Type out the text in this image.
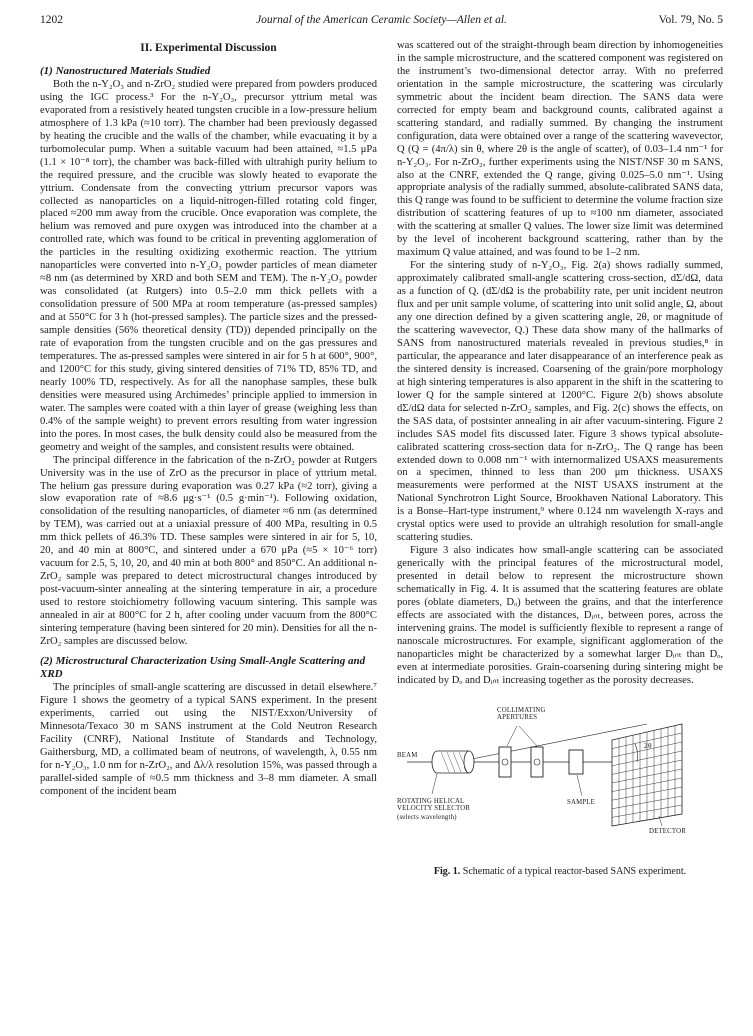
1202	Journal of the American Ceramic Society—Allen et al.	Vol. 79, No. 5
II. Experimental Discussion
(1) Nanostructured Materials Studied

Both the n-Y₂O₃ and n-ZrO₂ studied were prepared from powders produced using the IGC process.³ For the n-Y₂O₃, precursor yttrium metal was evaporated from a resistively heated tungsten crucible in a low-pressure helium atmosphere of 1.3 kPa (≈10 torr). The chamber had been previously degassed by heating the crucible and the walls of the chamber, while evacuating it by a turbomolecular pump. When a suitable vacuum had been attained, ≈1.5 μPa (1.1 × 10⁻⁸ torr), the chamber was back-filled with ultrahigh purity helium to the required pressure, and the crucible was slowly heated to evaporate the yttrium. Condensate from the convecting yttrium precursor vapors was collected as nanoparticles on a liquid-nitrogen-filled rotating cold finger, placed ≈200 mm away from the crucible. Once evaporation was complete, the helium was removed and pure oxygen was introduced into the chamber at a controlled rate, which was found to be critical in preventing agglomeration of the particles in the resulting oxidizing exothermic reaction. The yttrium nanoparticles were converted into n-Y₂O₃ powder particles of mean diameter ≈8 nm (as determined by XRD and both SEM and TEM). The n-Y₂O₃ powder was consolidated (at Rutgers) into 0.5–2.0 mm thick pellets with a consolidation pressure of 500 MPa at room temperature (as-pressed samples) and at 550°C for 3 h (hot-pressed samples). The particle sizes and the pressed-sample densities (56% theoretical density (TD)) depended principally on the rate of evaporation from the tungsten crucible and on the gas pressures and temperatures. The as-pressed samples were sintered in air for 5 h at 600°, 900°, and 1200°C for this study, giving sintered densities of 71% TD, 85% TD, and nearly 100% TD, respectively. As for all the nanophase samples, these bulk densities were measured using Archimedes’ principle applied to immersion in water. The samples were coated with a thin layer of grease (weighing less than 0.4% of the sample weight) to prevent errors resulting from water ingression into the pores. In most cases, the bulk density could also be measured from the geometry and weight of the samples, and consistent results were obtained.

The principal difference in the fabrication of the n-ZrO₂ powder at Rutgers University was in the use of ZrO as the precursor in place of yttrium metal. The helium gas pressure during evaporation was 0.27 kPa (≈2 torr), giving a slow evaporation rate of ≈8.6 μg·s⁻¹ (0.5 g·min⁻¹). Following oxidation, consolidation of the resulting nanoparticles, of diameter ≈6 nm (as determined by TEM), was carried out at a uniaxial pressure of 400 MPa, resulting in 0.5 mm thick pellets of 46.3% TD. These samples were sintered in air for 5, 10, 20, and 40 min at 800°C, and sintered under a 670 μPa (≈5 × 10⁻⁶ torr) vacuum for 2.5, 5, 10, 20, and 40 min at both 800° and 850°C. An additional n-ZrO₂ sample was prepared to detect microstructural changes introduced by post-vacuum-sinter annealing at the sintering temperature in air, a procedure used to restore stoichiometry following vacuum sintering. This sample was annealed in air at 800°C for 2 h, after cooling under vacuum from the 800°C sintering temperature (having been sintered for 20 min). Densities for all the n-ZrO₂ samples are discussed below.

(2) Microstructural Characterization Using Small-Angle Scattering and XRD

The principles of small-angle scattering are discussed in detail elsewhere.⁷ Figure 1 shows the geometry of a typical SANS experiment. In the present experiments, carried out using the NIST/Exxon/University of Minnesota/Texaco 30 m SANS instrument at the Cold Neutron Research Facility (CNRF), National Institute of Standards and Technology, Gaithersburg, MD, a collimated beam of neutrons, of wavelength, λ, 0.55 nm for n-Y₂O₃, 1.0 nm for n-ZrO₂, and Δλ/λ resolution 15%, was passed through a parallel-sided sample of ≈0.5 mm thickness and 3–8 mm diameter. A small component of the incident beam

was scattered out of the straight-through beam direction by inhomogeneities in the sample microstructure, and the scattered component was registered on the instrument’s two-dimensional detector array. With no preferred orientation in the sample microstructure, the scattering was circularly symmetric about the incident beam direction. The SANS data were corrected for empty beam and background counts, calibrated against a scattering standard, and radially summed. By changing the instrument configuration, data were obtained over a range of the scattering wavevector, Q (Q = (4π/λ) sin θ, where 2θ is the angle of scatter), of 0.03–1.4 nm⁻¹ for n-Y₂O₃. For n-ZrO₂, further experiments using the NIST/NSF 30 m SANS, also at the CNRF, extended the Q range, giving 0.025–5.0 nm⁻¹. Using appropriate analysis of the radially summed, absolute-calibrated SANS data, this Q range was found to be sufficient to determine the volume fraction size distribution of scattering features of up to ≈100 nm diameter, associated with the scattering at smaller Q values. The lower size limit was determined by the level of incoherent background scattering, rather than by the maximum Q value attained, and was found to be 1–2 nm.

For the sintering study of n-Y₂O₃, Fig. 2(a) shows radially summed, approximately calibrated small-angle scattering cross-section, dΣ/dΩ, data as a function of Q. (dΣ/dΩ is the probability rate, per unit incident neutron flux and per unit sample volume, of scattering into unit solid angle, Ω, about any one direction defined by a given scattering angle, 2θ, or magnitude of the scattering wavevector, Q.) These data show many of the hallmarks of SANS from nanostructured materials revealed in previous studies,⁸ in particular, the appearance and later disappearance of an interference peak as the sintered density is increased. Coarsening of the grain/pore morphology at high sintering temperatures is also apparent in the shift in the scattering to lower Q for the sample sintered at 1200°C. Figure 2(b) shows absolute dΣ/dΩ data for selected n-ZrO₂ samples, and Fig. 2(c) shows the effects, on the SAS data, of postsinter annealing in air after vacuum-sintering. Figure 2 includes SAS model fits discussed later. Figure 3 shows typical absolute-calibrated scattering cross-section data for n-ZrO₂. The Q range has been extended down to 0.008 nm⁻¹ with internormalized USAXS measurements on a specimen, thinned to less than 200 μm thickness. USAXS measurements were performed at the NIST USAXS instrument at the National Synchrotron Light Source, Brookhaven National Laboratory. This is a Bonse–Hart-type instrument,⁹ where 0.124 nm wavelength X-rays and crystal optics were used to provide an ultrahigh resolution for small-angle scattering studies.

Figure 3 also indicates how small-angle scattering can be associated generically with the principal features of the microstructural model, presented in detail below to represent the microstructure shown schematically in Fig. 4. It is assumed that the scattering features are oblate pores (oblate diameters, Dₒ) between the grains, and that the interference effects are associated with the distances, Dᵢₙₜ, between pores, across the intervening grains. The model is sufficiently flexible to represent a range of nanoscale microstructures. For example, significant agglomeration of the nanoparticles might be characterized by a somewhat larger Dᵢₙₜ than Dₒ, even at intermediate porosities. Grain-coarsening during sintering might be indicated by Dₒ and Dᵢₙₜ increasing together as the porosity decreases.

COLLIMATING
APERTURES
BEAM
2θ
ROTATING HELICAL
VELOCITY SELECTOR
(selects wavelength)
SAMPLE
DETECTOR
Fig. 1. Schematic of a typical reactor-based SANS experiment.
